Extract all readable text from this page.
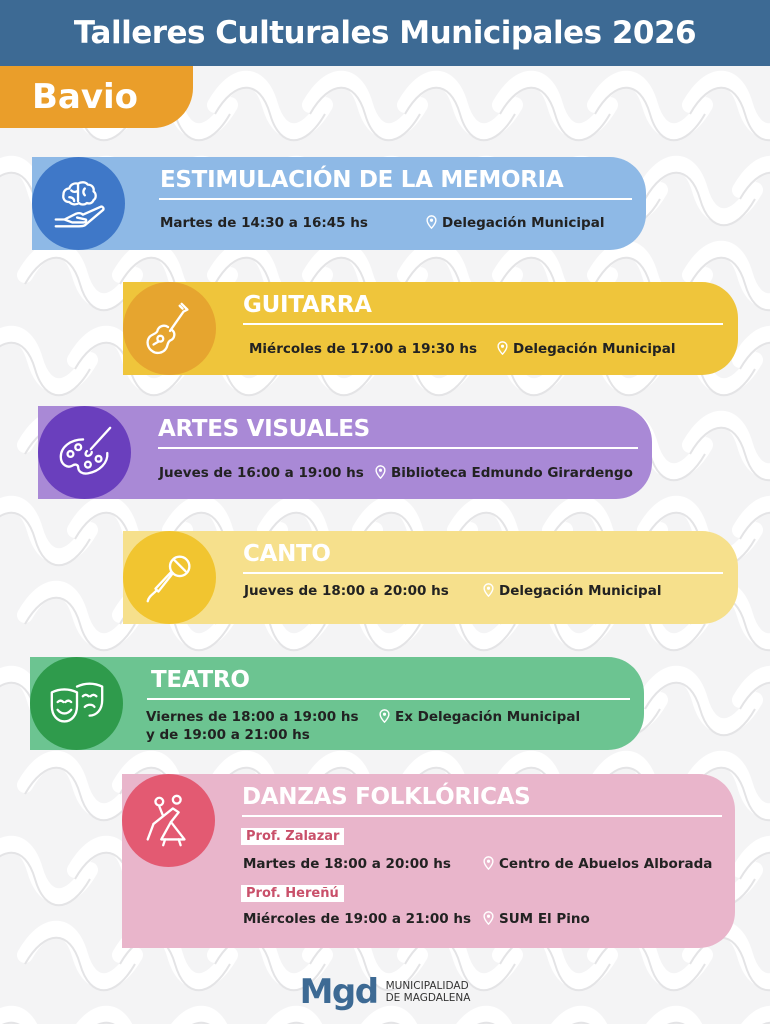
Talleres Culturales Municipales 2026
Bavio
ESTIMULACIÓN DE LA MEMORIA
Martes de 14:30 a 16:45 hs	Delegación Municipal
GUITARRA
Miércoles de 17:00 a 19:30 hs	Delegación Municipal
ARTES VISUALES
Jueves de 16:00 a 19:00 hs	Biblioteca Edmundo Girardengo
CANTO
Jueves de 18:00 a 20:00 hs	Delegación Municipal
TEATRO
Viernes de 18:00 a 19:00 hs
y de 19:00 a 21:00 hs
Ex Delegación Municipal
DANZAS FOLKLÓRICAS
Prof. Zalazar
Martes de 18:00 a 20:00 hs	Centro de Abuelos Alborada
Prof. Hereñú
Miércoles de 19:00 a 21:00 hs	SUM El Pino
Mgd MUNICIPALIDAD
DE MAGDALENA
